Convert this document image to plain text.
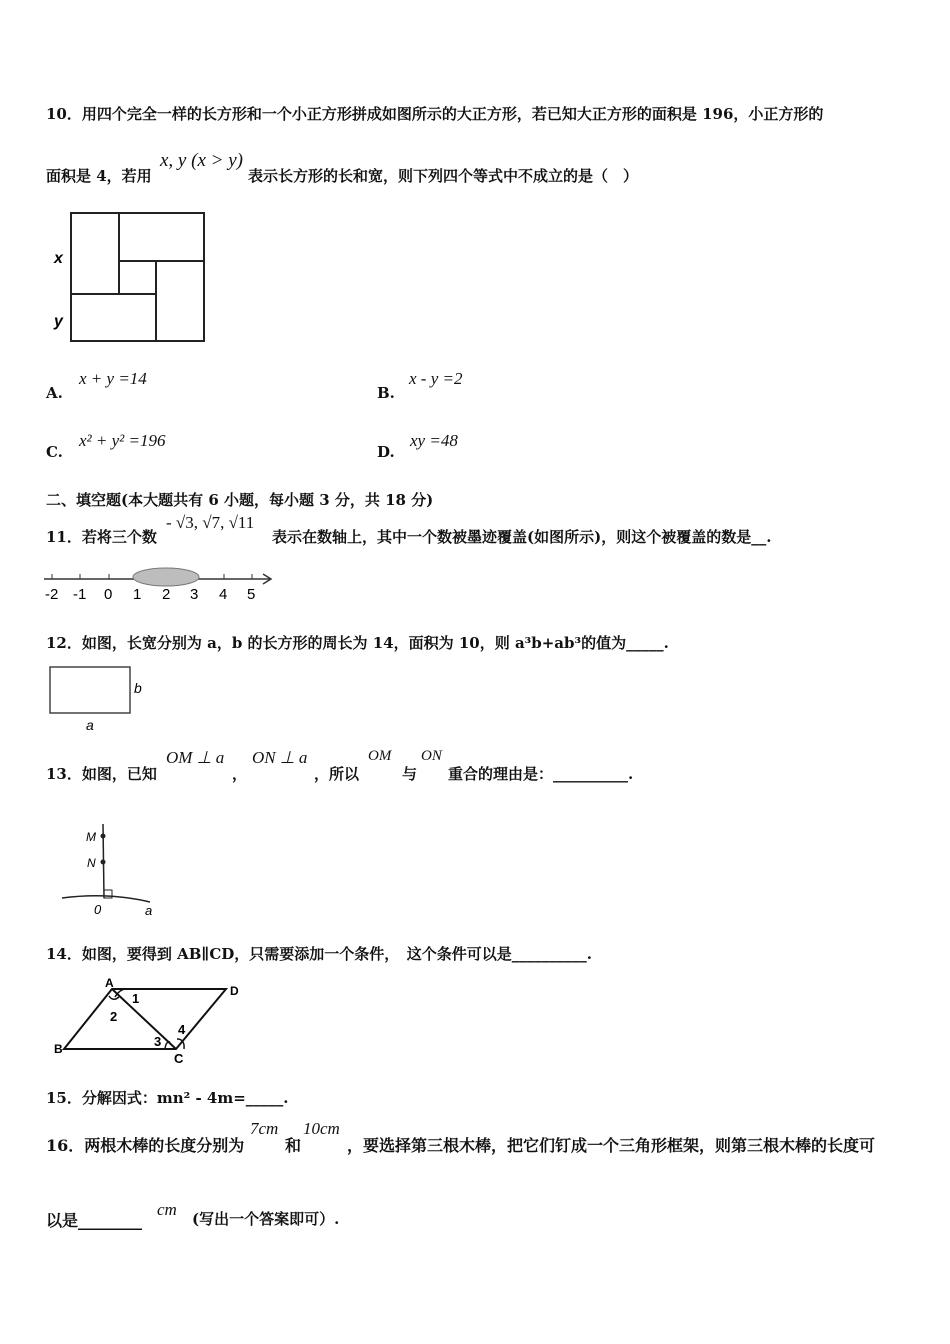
10．用四个完全一样的长方形和一个小正方形拼成如图所示的大正方形，若已知大正方形的面积是 196，小正方形的
面积是 4，若用
x, y (x > y)
表示长方形的长和宽，则下列四个等式中不成立的是（　）
x
y
A.
x + y =14
B.
x - y =2
C.
x² + y² =196
D.
xy =48
二、填空题(本大题共有 6 小题，每小题 3 分，共 18 分)
11．若将三个数
- √3, √7, √11
表示在数轴上，其中一个数被墨迹覆盖(如图所示)，则这个被覆盖的数是__.
-2 -1 0 1 2 3 4 5
12．如图，长宽分别为 a，b 的长方形的周长为 14，面积为 10，则 a³b+ab³的值为_____.
b
a
13．如图，已知
OM ⊥ a
，
ON ⊥ a
，所以
OM
与
ON
重合的理由是：__________.
M
N
0	a
14．如图，要得到 AB∥CD，只需要添加一个条件，　这个条件可以是__________.
A
D
B
C
1
2
3
4
15．分解因式：mn² - 4m=_____.
16．两根木棒的长度分别为
7cm
和
10cm
，要选择第三根木棒，把它们钉成一个三角形框架，则第三根木棒的长度可
以是________
cm (写出一个答案即可）.
